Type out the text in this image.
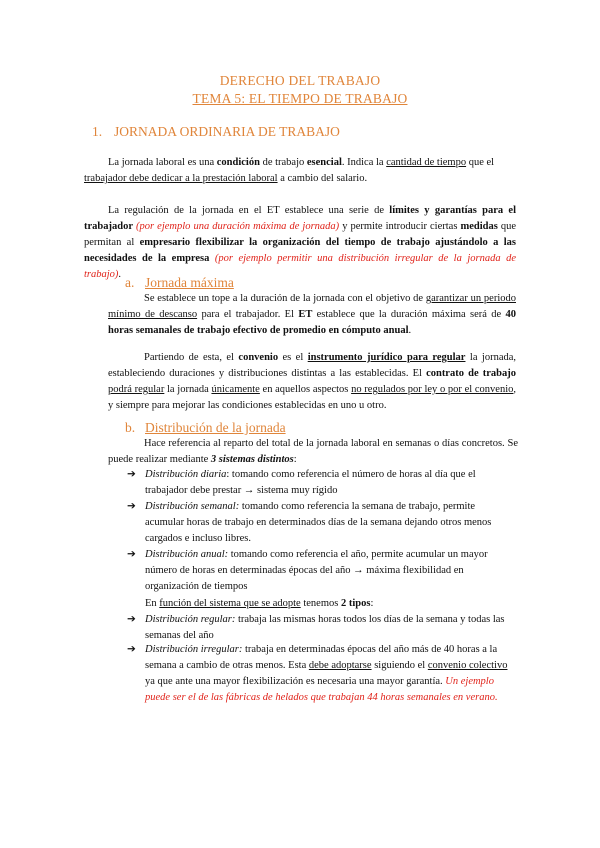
DERECHO DEL TRABAJO
TEMA 5: EL TIEMPO DE TRABAJO
1. JORNADA ORDINARIA DE TRABAJO
La jornada laboral es una condición de trabajo esencial. Indica la cantidad de tiempo que el
trabajador debe dedicar a la prestación laboral a cambio del salario.
La regulación de la jornada en el ET establece una serie de límites y garantías para el trabajador (por ejemplo una duración máxima de jornada) y permite introducir ciertas medidas que permitan al empresario flexibilizar la organización del tiempo de trabajo ajustándolo a las necesidades de la empresa (por ejemplo permitir una distribución irregular de la jornada de trabajo).
a. Jornada máxima
Se establece un tope a la duración de la jornada con el objetivo de garantizar un periodo mínimo de descanso para el trabajador. El ET establece que la duración máxima será de 40 horas semanales de trabajo efectivo de promedio en cómputo anual.
Partiendo de esta, el convenio es el instrumento jurídico para regular la jornada, estableciendo duraciones y distribuciones distintas a las establecidas. El contrato de trabajo podrá regular la jornada únicamente en aquellos aspectos no regulados por ley o por el convenio, y siempre para mejorar las condiciones establecidas en uno u otro.
b. Distribución de la jornada
Hace referencia al reparto del total de la jornada laboral en semanas o días concretos. Se puede realizar mediante 3 sistemas distintos:
➔ Distribución diaria: tomando como referencia el número de horas al día que el trabajador debe prestar → sistema muy rígido
➔ Distribución semanal: tomando como referencia la semana de trabajo, permite acumular horas de trabajo en determinados días de la semana dejando otros menos cargados e incluso libres.
➔ Distribución anual: tomando como referencia el año, permite acumular un mayor número de horas en determinadas épocas del año → máxima flexibilidad en organización de tiempos
En función del sistema que se adopte tenemos 2 tipos:
➔ Distribución regular: trabaja las mismas horas todos los días de la semana y todas las semanas del año
➔ Distribución irregular: trabaja en determinadas épocas del año más de 40 horas a la semana a cambio de otras menos. Esta debe adoptarse siguiendo el convenio colectivo ya que ante una mayor flexibilización es necesaria una mayor garantía. Un ejemplo puede ser el de las fábricas de helados que trabajan 44 horas semanales en verano.
